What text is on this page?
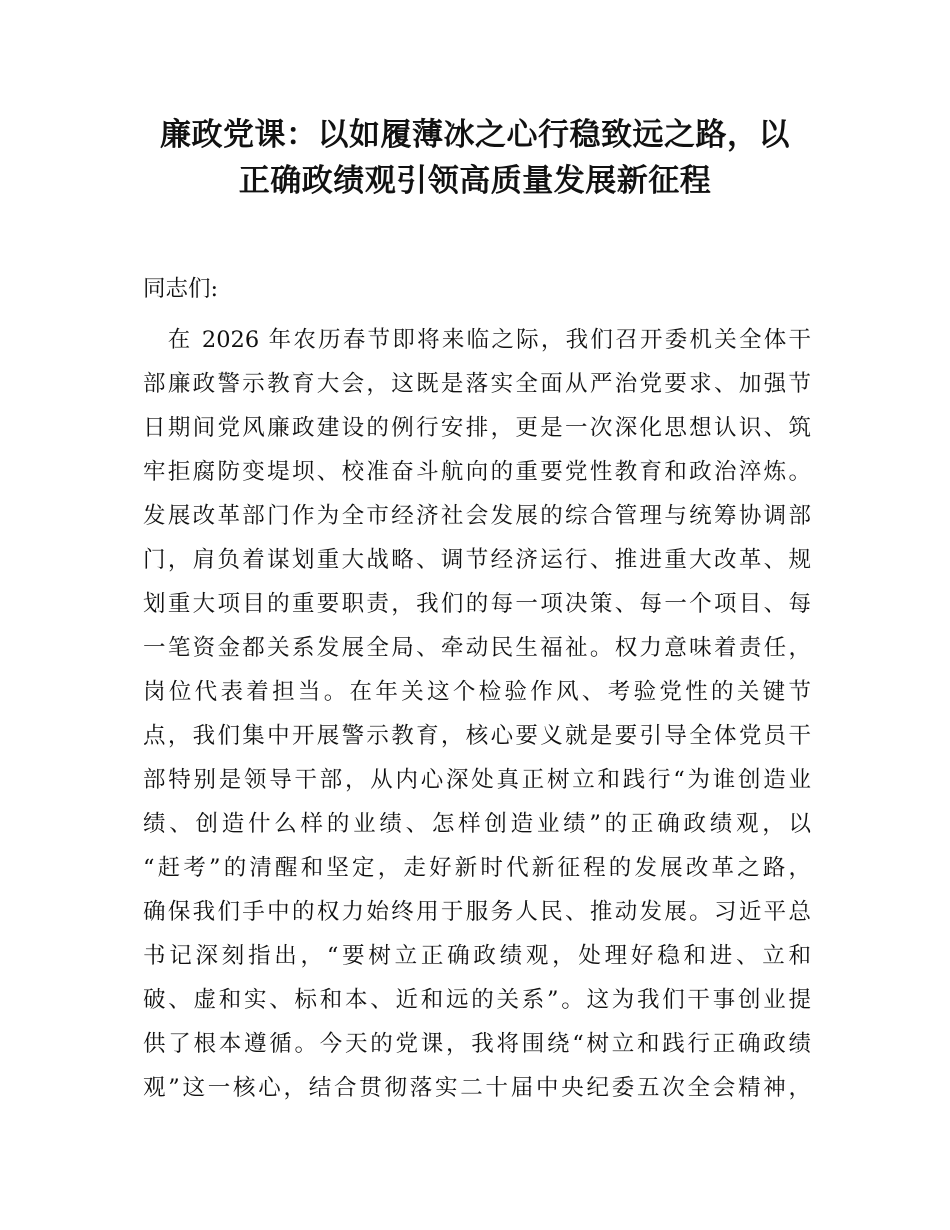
廉政党课：以如履薄冰之心行稳致远之路，以
正确政绩观引领高质量发展新征程

同志们:

　在 2026 年农历春节即将来临之际，我们召开委机关全体干
部廉政警示教育大会，这既是落实全面从严治党要求、加强节
日期间党风廉政建设的例行安排，更是一次深化思想认识、筑
牢拒腐防变堤坝、校准奋斗航向的重要党性教育和政治淬炼。
发展改革部门作为全市经济社会发展的综合管理与统筹协调部
门，肩负着谋划重大战略、调节经济运行、推进重大改革、规
划重大项目的重要职责，我们的每一项决策、每一个项目、每
一笔资金都关系发展全局、牵动民生福祉。权力意味着责任，
岗位代表着担当。在年关这个检验作风、考验党性的关键节
点，我们集中开展警示教育，核心要义就是要引导全体党员干
部特别是领导干部，从内心深处真正树立和践行“为谁创造业
绩、创造什么样的业绩、怎样创造业绩”的正确政绩观，以
“赶考”的清醒和坚定，走好新时代新征程的发展改革之路，
确保我们手中的权力始终用于服务人民、推动发展。习近平总
书记深刻指出，“要树立正确政绩观，处理好稳和进、立和
破、虚和实、标和本、近和远的关系”。这为我们干事创业提
供了根本遵循。今天的党课，我将围绕“树立和践行正确政绩
观”这一核心，结合贯彻落实二十届中央纪委五次全会精神，
